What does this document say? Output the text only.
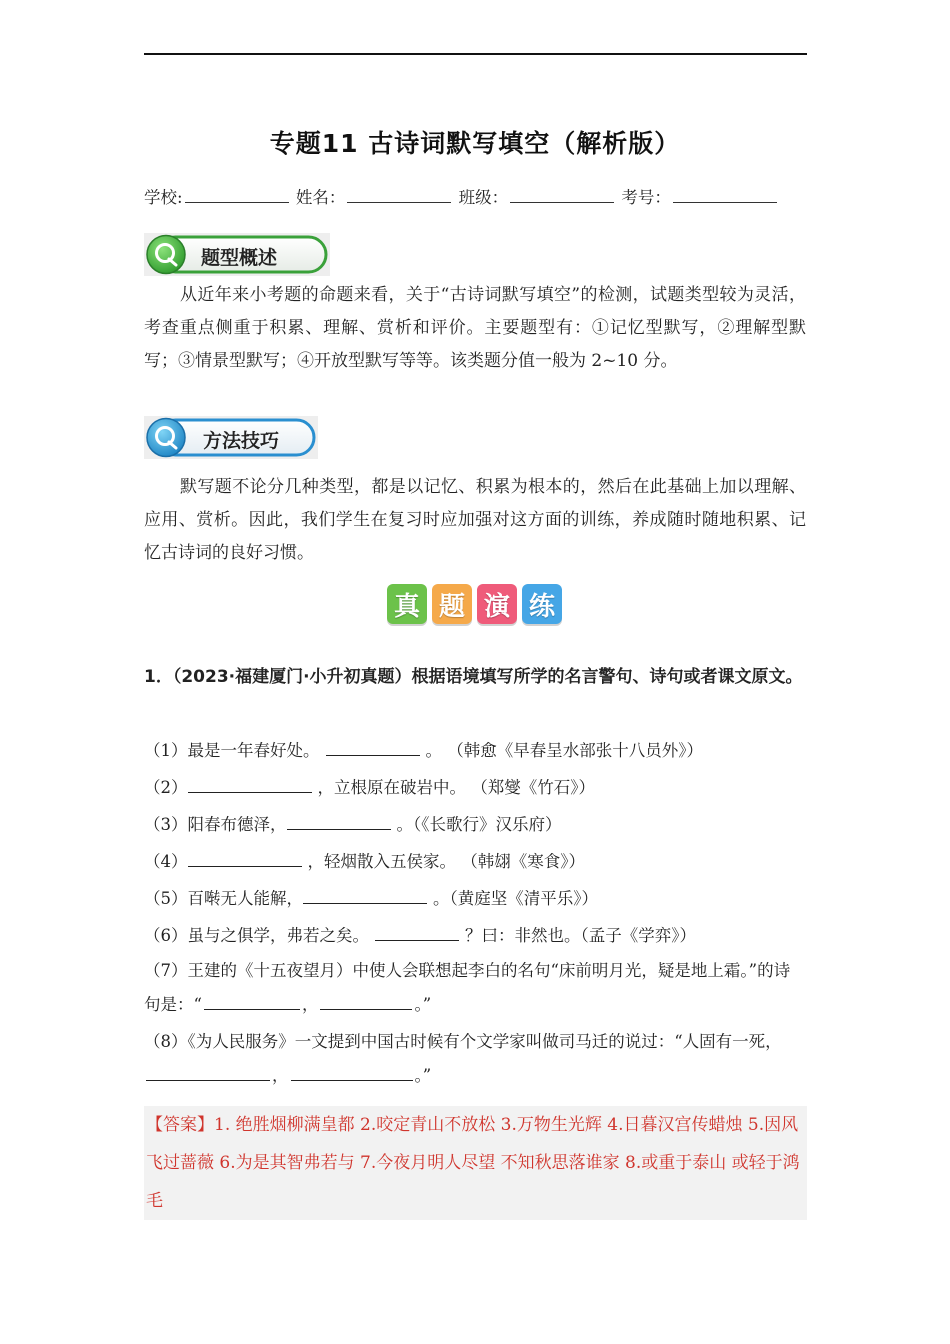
专题11 古诗词默写填空（解析版）
学校:	姓名：	班级：	考号：
题型概述

从近年来小考题的命题来看，关于“古诗词默写填空”的检测，试题类型较为灵活，考查重点侧重于积累、理解、赏析和评价。主要题型有：①记忆型默写，②理解型默写；③情景型默写；④开放型默写等等。该类题分值一般为 2~10 分。

方法技巧

默写题不论分几种类型，都是以记忆、积累为根本的，然后在此基础上加以理解、应用、赏析。因此，我们学生在复习时应加强对这方面的训练，养成随时随地积累、记忆古诗词的良好习惯。

真 题 演 练

1．（2023·福建厦门·小升初真题）根据语境填写所学的名言警句、诗句或者课文原文。

（1）最是一年春好处。	。 （韩愈《早春呈水部张十八员外》）
（2）	，立根原在破岩中。 （郑燮《竹石》）
（3）阳春布德泽，	。（《长歌行》汉乐府）
（4）	，轻烟散入五侯家。 （韩翃《寒食》）
（5）百啭无人能解，	。（黄庭坚《清平乐》）
（6）虽与之俱学，弗若之矣。	？曰：非然也。（孟子《学弈》）
（7）王建的《十五夜望月）中使人会联想起李白的名句“床前明月光，疑是地上霜。”的诗句是：“	，	。”
（8）《为人民服务》一文提到中国古时候有个文学家叫做司马迁的说过：“人固有一死，，	。”
【答案】1. 绝胜烟柳满皇都 2.咬定青山不放松 3.万物生光辉 4.日暮汉宫传蜡烛 5.因风飞过蔷薇 6.为是其智弗若与 7.今夜月明人尽望 不知秋思落谁家 8.或重于泰山 或轻于鸿毛
